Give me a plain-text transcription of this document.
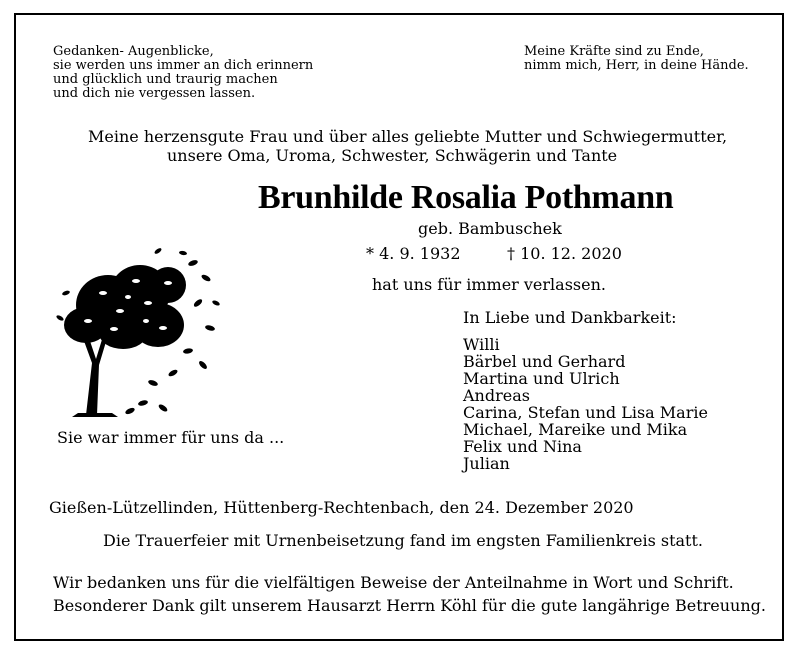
Gedanken- Augenblicke,
sie werden uns immer an dich erinnern
und glücklich und traurig machen
und dich nie vergessen lassen.
Meine Kräfte sind zu Ende,
nimm mich, Herr, in deine Hände.
Meine herzensgute Frau und über alles geliebte Mutter und Schwiegermutter,
unsere Oma, Uroma, Schwester, Schwägerin und Tante
Brunhilde Rosalia Pothmann
geb. Bambuschek
* 4. 9. 1932	† 10. 12. 2020
hat uns für immer verlassen.
Sie war immer für uns da ...
In Liebe und Dankbarkeit:
Willi
Bärbel und Gerhard
Martina und Ulrich
Andreas
Carina, Stefan und Lisa Marie
Michael, Mareike und Mika
Felix und Nina
Julian
Gießen-Lützellinden, Hüttenberg-Rechtenbach, den 24. Dezember 2020
Die Trauerfeier mit Urnenbeisetzung fand im engsten Familienkreis statt.
Wir bedanken uns für die vielfältigen Beweise der Anteilnahme in Wort und Schrift.
Besonderer Dank gilt unserem Hausarzt Herrn Köhl für die gute langährige Betreuung.
